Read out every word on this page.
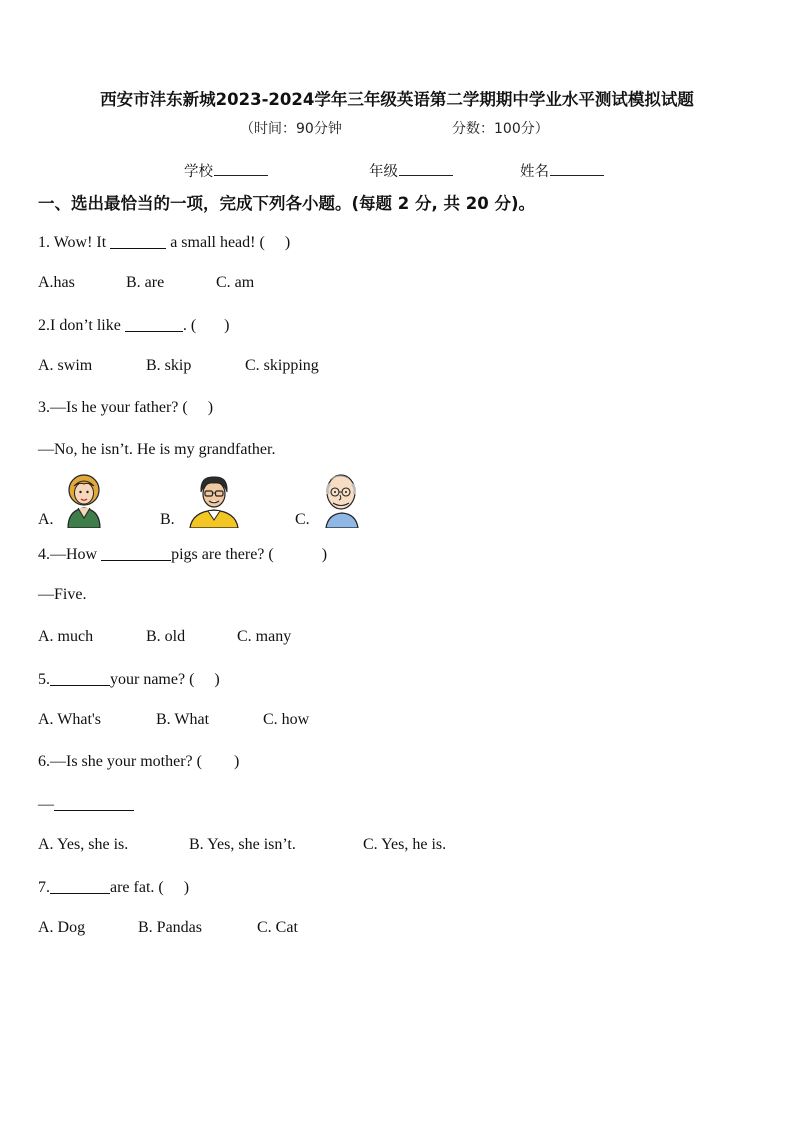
西安市沣东新城2023-2024学年三年级英语第二学期期中学业水平测试模拟试题
（时间：90分钟	分数：100分）
学校	年级	姓名
一、选出最恰当的一项，完成下列各小题。(每题 2 分, 共 20 分)。
1. Wow! It	a small head! (     )
A.has	B. are	C. am
2.I don’t like	. (       )
A. swim	B. skip	C. skipping
3.—Is he your father? (     )
—No, he isn’t. He is my grandfather.
A.	B.	C.
4.—How	pigs are there? (            )
—Five.
A. much	B. old	C. many
5.	your name? (     )
A. What's	B. What	C. how
6.—Is she your mother? (        )
—
A. Yes, she is.	B. Yes, she isn’t.	C. Yes, he is.
7.	are fat. (     )
A. Dog	B. Pandas	C. Cat
